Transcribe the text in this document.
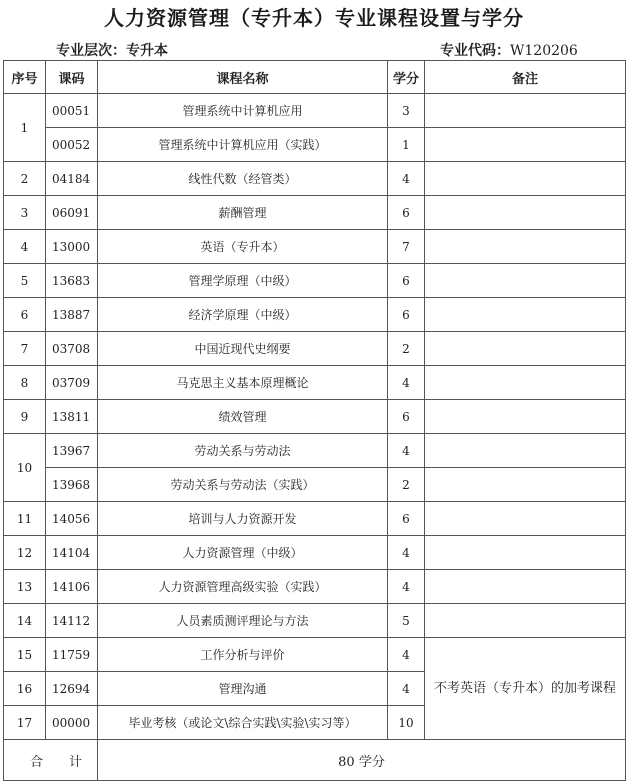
人力资源管理（专升本）专业课程设置与学分
专业层次：专升本	专业代码：W120206
序号	课码	课程名称	学分	备注
1	00051	管理系统中计算机应用	3	
	00052	管理系统中计算机应用（实践）	1	
2	04184	线性代数（经管类）	4	
3	06091	薪酬管理	6	
4	13000	英语（专升本）	7	
5	13683	管理学原理（中级）	6	
6	13887	经济学原理（中级）	6	
7	03708	中国近现代史纲要	2	
8	03709	马克思主义基本原理概论	4	
9	13811	绩效管理	6	
10	13967	劳动关系与劳动法	4	
	13968	劳动关系与劳动法（实践）	2	
11	14056	培训与人力资源开发	6	
12	14104	人力资源管理（中级）	4	
13	14106	人力资源管理高级实验（实践）	4	
14	14112	人员素质测评理论与方法	5	
15	11759	工作分析与评价	4	不考英语（专升本）的加考课程
16	12694	管理沟通	4	
17	00000	毕业考核（或论文\综合实践\实验\实习等）	10	
合计		80 学分		
